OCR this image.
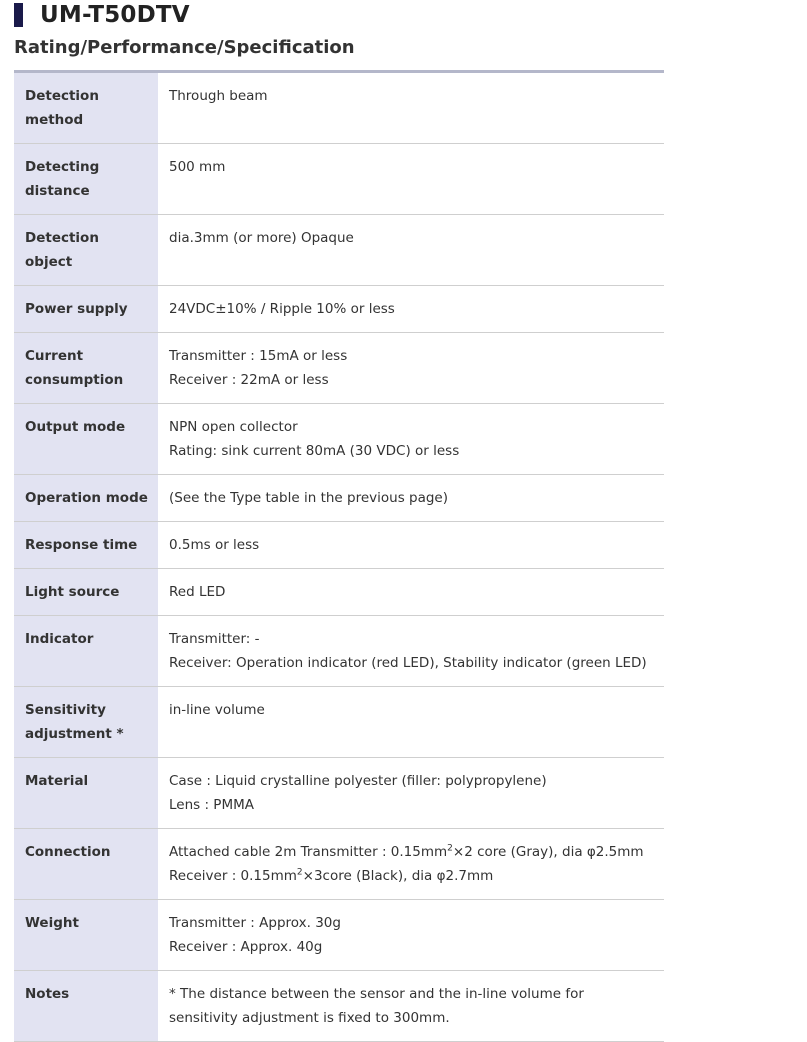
UM-T50DTV
Rating/Performance/Specification
Detection method	Through beam

Detecting distance	500 mm

Detection object	dia.3mm (or more) Opaque

Power supply	24VDC±10% / Ripple 10% or less

Current consumption	Transmitter : 15mA or less
Receiver : 22mA or less

Output mode	NPN open collector
Rating: sink current 80mA (30 VDC) or less

Operation mode	(See the Type table in the previous page)

Response time	0.5ms or less

Light source	Red LED

Indicator	Transmitter: -
Receiver: Operation indicator (red LED), Stability indicator (green LED)

Sensitivity adjustment *	in-line volume

Material	Case : Liquid crystalline polyester (filler: polypropylene)
Lens : PMMA

Connection	Attached cable 2m Transmitter : $0.15mm^2\times 2$ core (Gray), dia φ2.5mm
Receiver : $0.15mm^2\times 3core$ (Black), dia φ2.7mm

Weight	Transmitter : Approx. 30g
Receiver : Approx. 40g

Notes	* The distance between the sensor and the in-line volume for sensitivity adjustment is fixed to 300mm.
